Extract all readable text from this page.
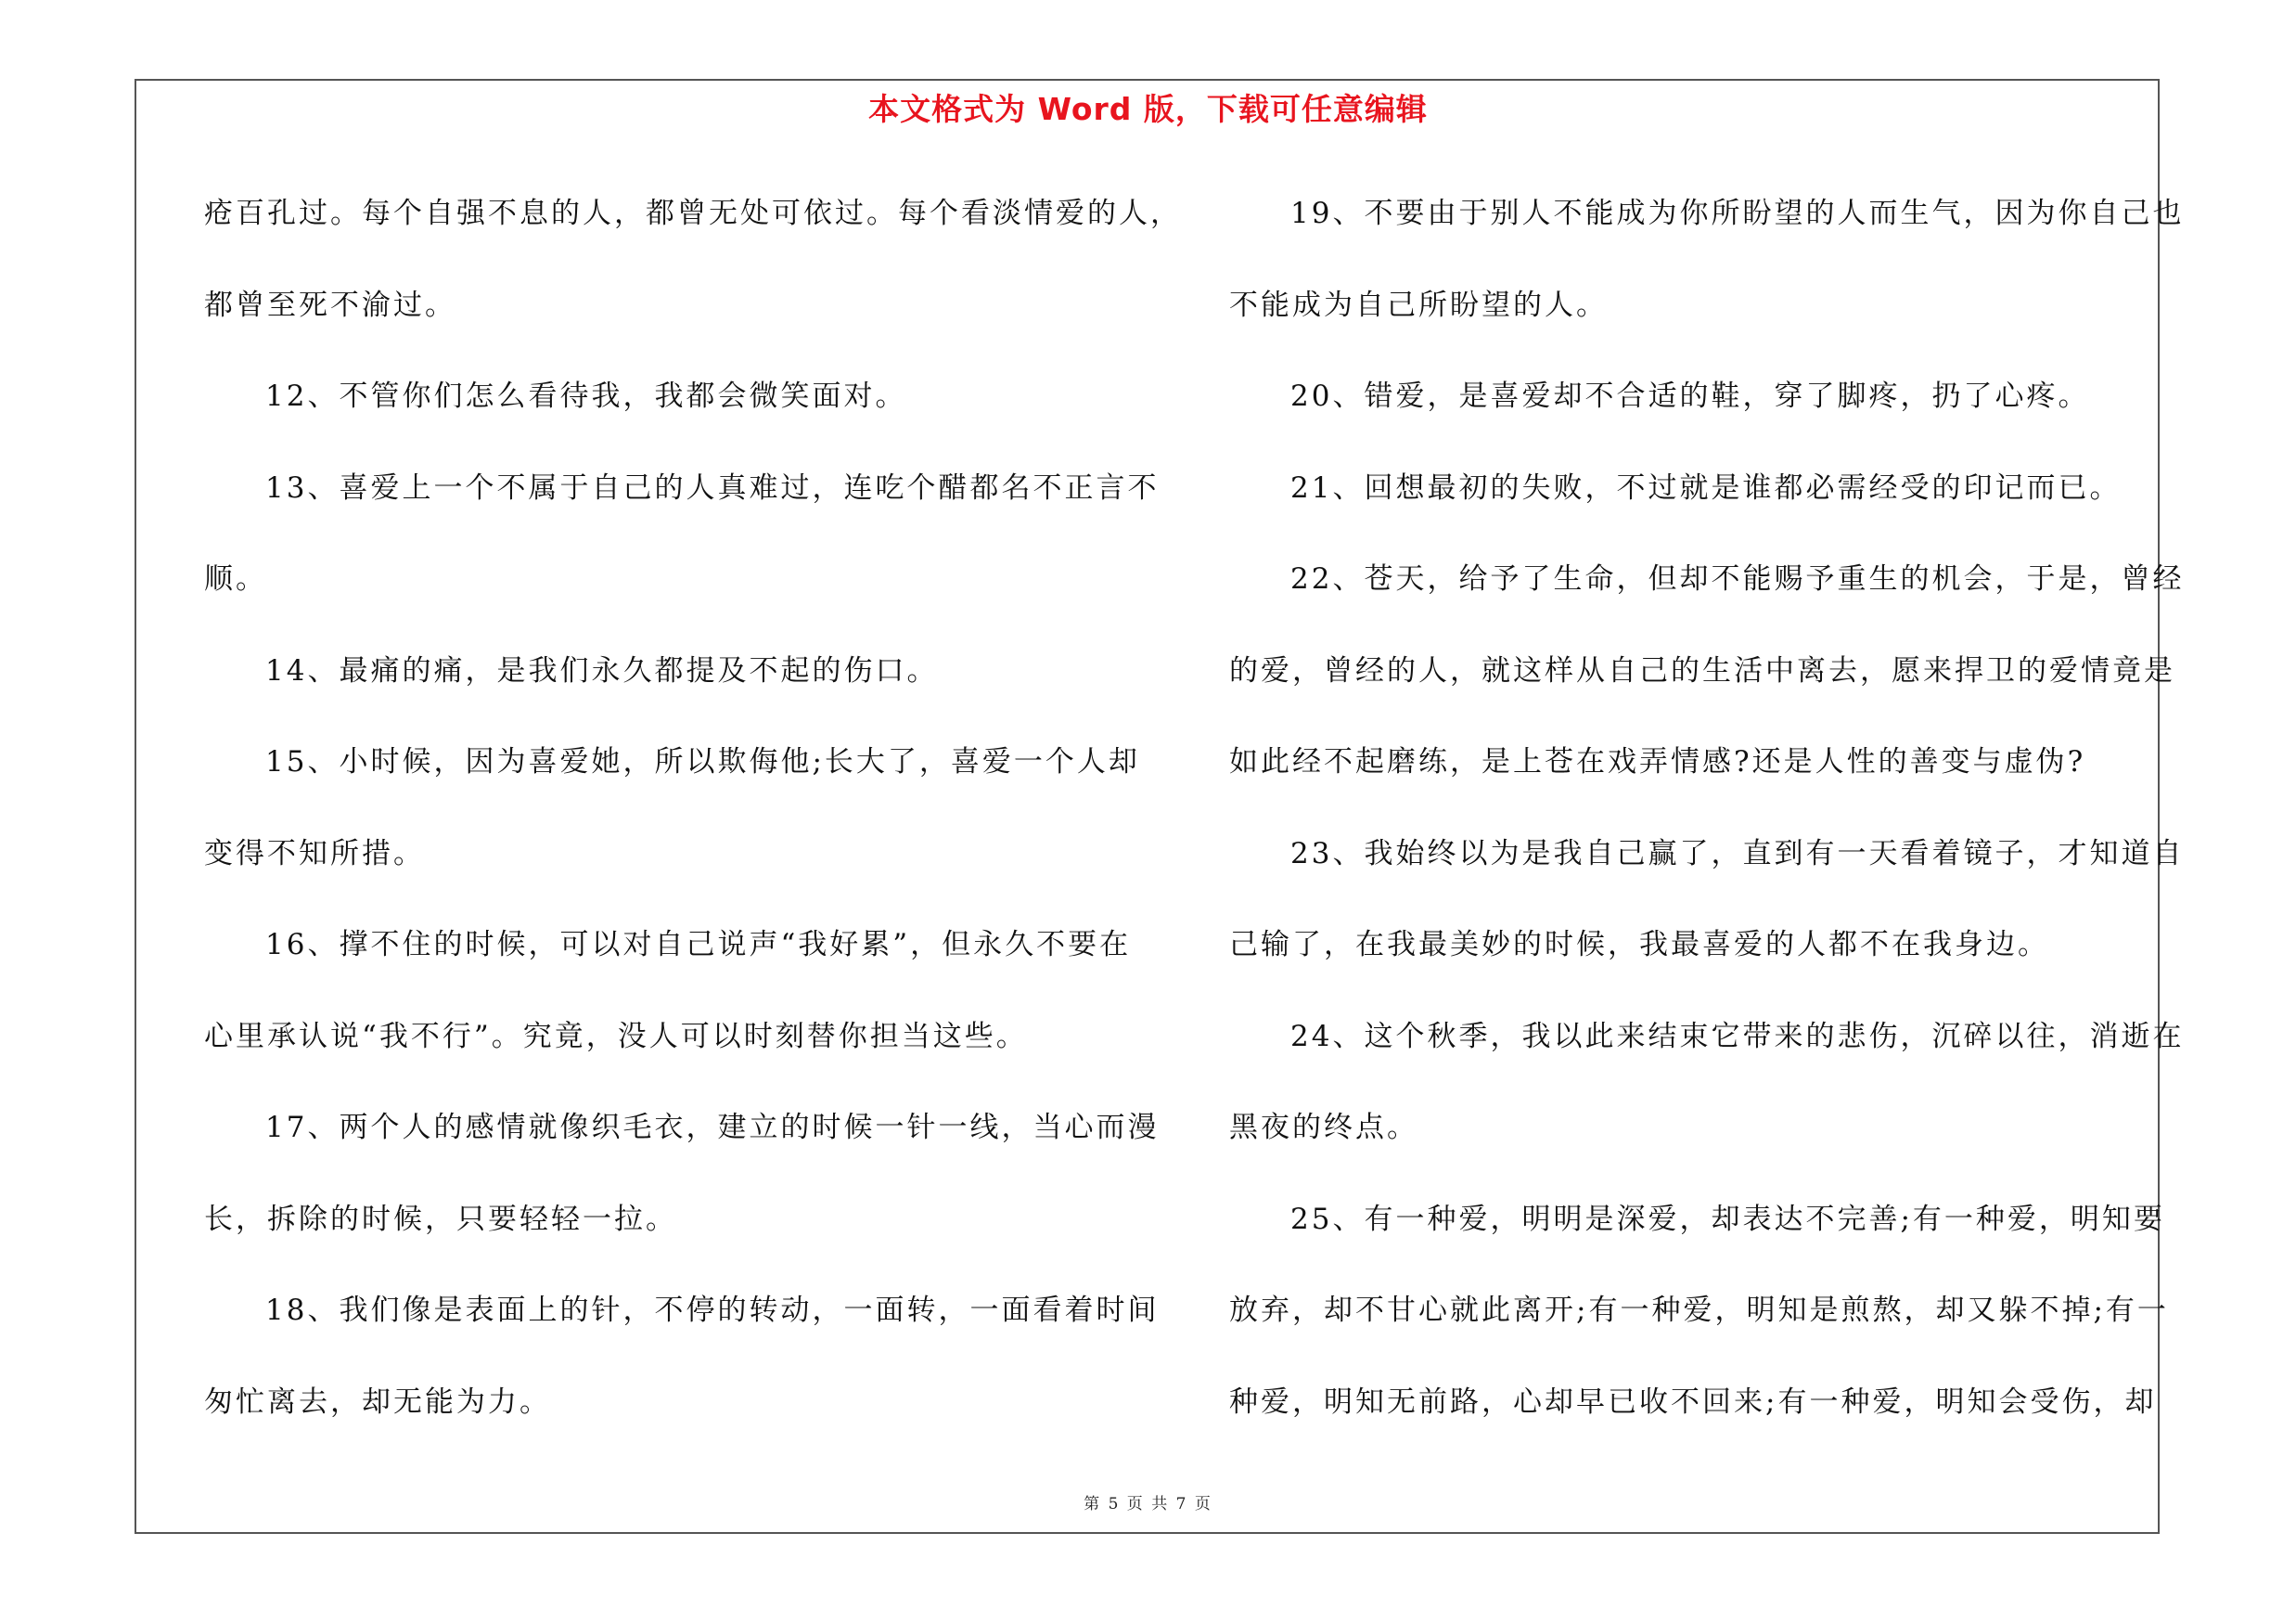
本文格式为 Word 版，下载可任意编辑
疮百孔过。每个自强不息的人，都曾无处可依过。每个看淡情爱的人，
都曾至死不渝过。
12、不管你们怎么看待我，我都会微笑面对。
13、喜爱上一个不属于自己的人真难过，连吃个醋都名不正言不
顺。
14、最痛的痛，是我们永久都提及不起的伤口。
15、小时候，因为喜爱她，所以欺侮他;长大了，喜爱一个人却
变得不知所措。
16、撑不住的时候，可以对自己说声“我好累”，但永久不要在
心里承认说“我不行”。究竟，没人可以时刻替你担当这些。
17、两个人的感情就像织毛衣，建立的时候一针一线，当心而漫
长，拆除的时候，只要轻轻一拉。
18、我们像是表面上的针，不停的转动，一面转，一面看着时间
匆忙离去，却无能为力。
19、不要由于别人不能成为你所盼望的人而生气，因为你自己也
不能成为自己所盼望的人。
20、错爱，是喜爱却不合适的鞋，穿了脚疼，扔了心疼。
21、回想最初的失败，不过就是谁都必需经受的印记而已。
22、苍天，给予了生命，但却不能赐予重生的机会，于是，曾经
的爱，曾经的人，就这样从自己的生活中离去，愿来捍卫的爱情竟是
如此经不起磨练，是上苍在戏弄情感?还是人性的善变与虚伪?
23、我始终以为是我自己赢了，直到有一天看着镜子，才知道自
己输了，在我最美妙的时候，我最喜爱的人都不在我身边。
24、这个秋季，我以此来结束它带来的悲伤，沉碎以往，消逝在
黑夜的终点。
25、有一种爱，明明是深爱，却表达不完善;有一种爱，明知要
放弃，却不甘心就此离开;有一种爱，明知是煎熬，却又躲不掉;有一
种爱，明知无前路，心却早已收不回来;有一种爱，明知会受伤，却
第 5 页 共 7 页
